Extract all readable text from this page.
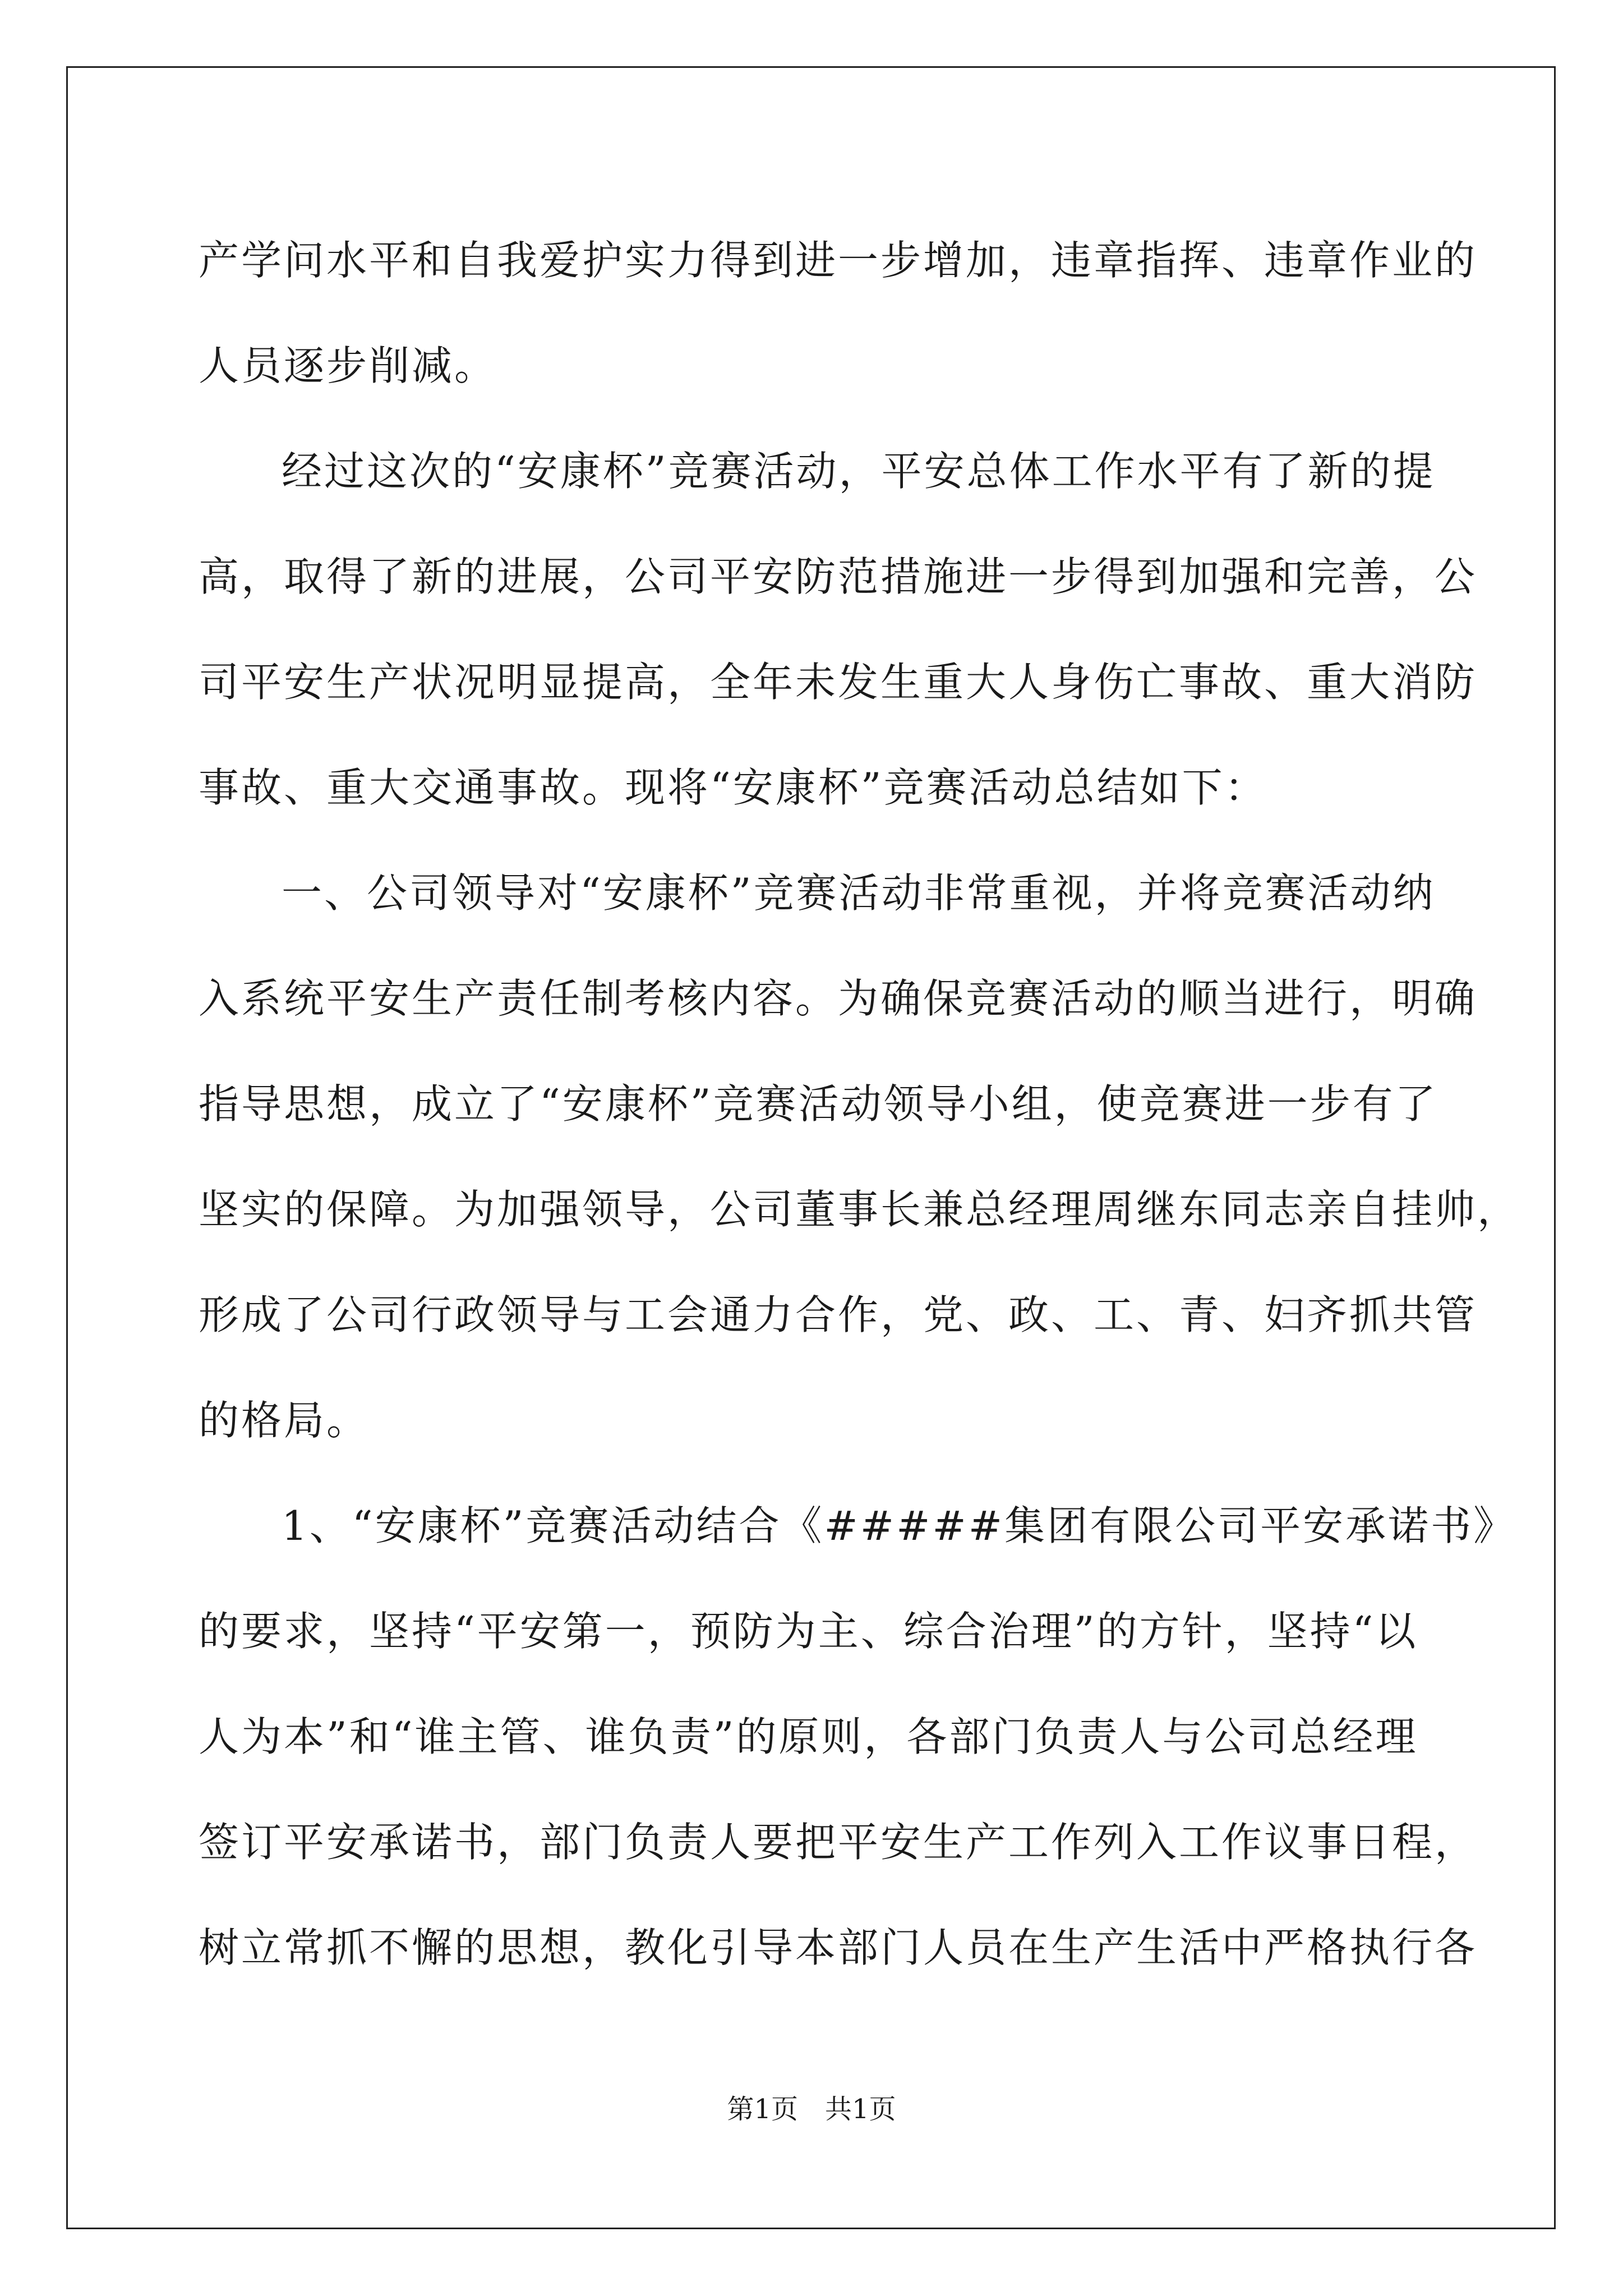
产学问水平和自我爱护实力得到进一步增加，违章指挥、违章作业的
人员逐步削减。
经过这次的“安康杯”竞赛活动，平安总体工作水平有了新的提
高，取得了新的进展，公司平安防范措施进一步得到加强和完善，公
司平安生产状况明显提高，全年未发生重大人身伤亡事故、重大消防
事故、重大交通事故。现将“安康杯”竞赛活动总结如下：
一、公司领导对“安康杯”竞赛活动非常重视，并将竞赛活动纳
入系统平安生产责任制考核内容。为确保竞赛活动的顺当进行，明确
指导思想，成立了“安康杯”竞赛活动领导小组，使竞赛进一步有了
坚实的保障。为加强领导，公司董事长兼总经理周继东同志亲自挂帅，
形成了公司行政领导与工会通力合作，党、政、工、青、妇齐抓共管
的格局。
1、“安康杯”竞赛活动结合《#####集团有限公司平安承诺书》
的要求，坚持“平安第一，预防为主、综合治理”的方针，坚持“以
人为本”和“谁主管、谁负责”的原则，各部门负责人与公司总经理
签订平安承诺书，部门负责人要把平安生产工作列入工作议事日程，
树立常抓不懈的思想，教化引导本部门人员在生产生活中严格执行各
第1页　共1页
